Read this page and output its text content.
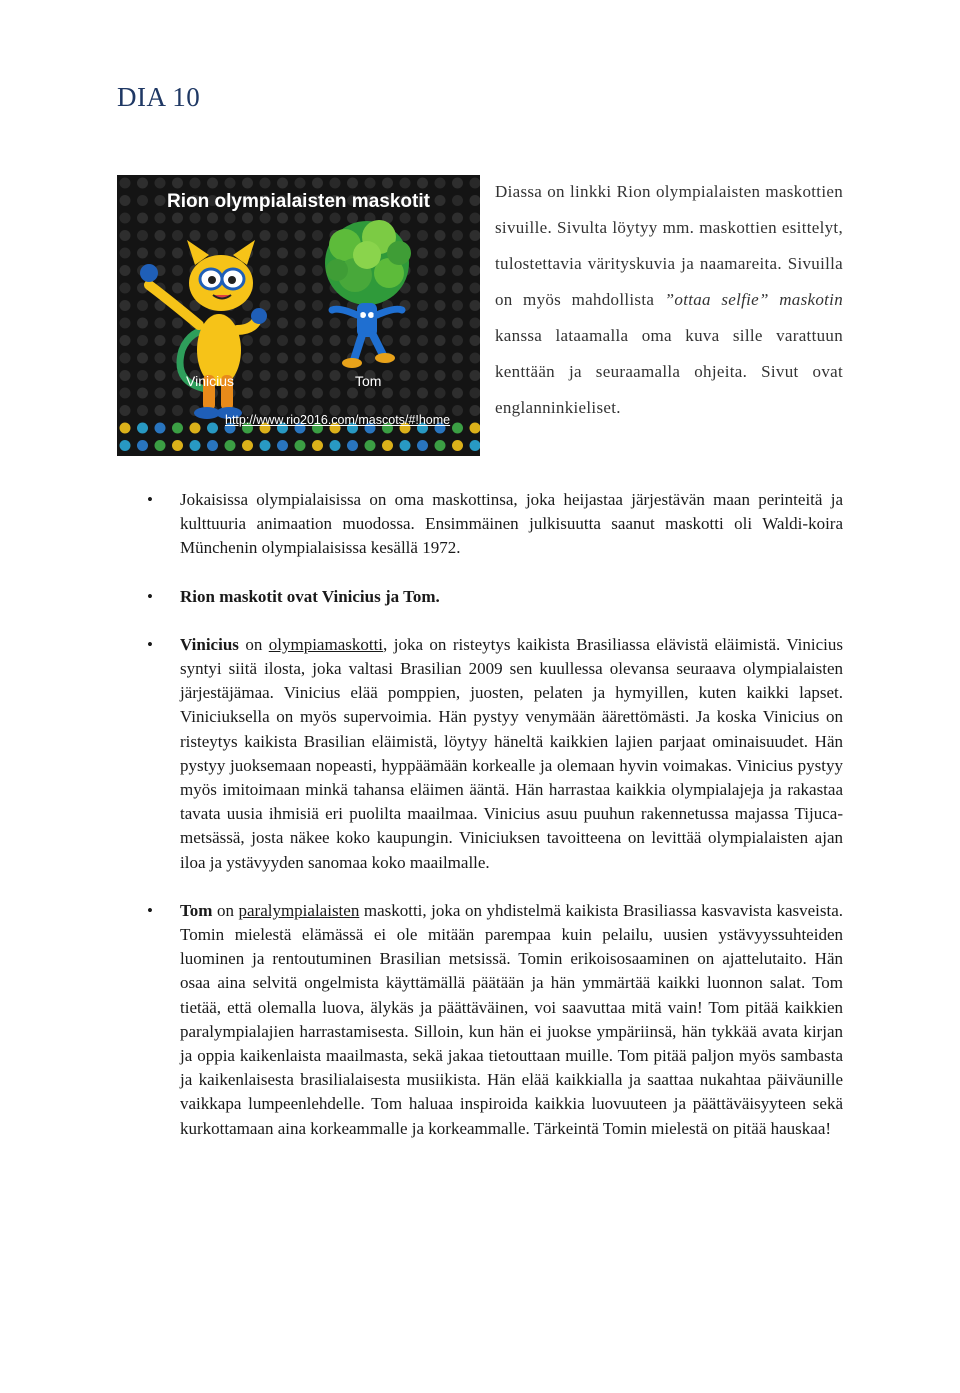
DIA 10
Rion olympialaisten maskotit
Vinicius	Tom
http://www.rio2016.com/mascots/#!home
Diassa on linkki Rion olympialaisten maskottien sivuille. Sivulta löytyy mm. maskottien esittelyt, tulostettavia värityskuvia ja naamareita. Sivuilla on myös mahdollista ”ottaa selfie” maskotin kanssa lataamalla oma kuva sille varattuun kenttään ja seuraamalla ohjeita. Sivut ovat englanninkieliset.
• Jokaisissa olympialaisissa on oma maskottinsa, joka heijastaa järjestävän maan perinteitä ja kulttuuria animaation muodossa. Ensimmäinen julkisuutta saanut maskotti oli Waldi-koira Münchenin olympialaisissa kesällä 1972.
• Rion maskotit ovat Vinicius ja Tom.
• Vinicius on olympiamaskotti, joka on risteytys kaikista Brasiliassa elävistä eläimistä. Vinicius syntyi siitä ilosta, joka valtasi Brasilian 2009 sen kuullessa olevansa seuraava olympialaisten järjestäjämaa. Vinicius elää pomppien, juosten, pelaten ja hymyillen, kuten kaikki lapset. Viniciuksella on myös supervoimia. Hän pystyy venymään äärettömästi. Ja koska Vinicius on risteytys kaikista Brasilian eläimistä, löytyy häneltä kaikkien lajien parjaat ominaisuudet. Hän pystyy juoksemaan nopeasti, hyppäämään korkealle ja olemaan hyvin voimakas. Vinicius pystyy myös imitoimaan minkä tahansa eläimen ääntä. Hän harrastaa kaikkia olympialajeja ja rakastaa tavata uusia ihmisiä eri puolilta maailmaa. Vinicius asuu puuhun rakennetussa majassa Tijuca-metsässä, josta näkee koko kaupungin. Viniciuksen tavoitteena on levittää olympialaisten ajan iloa ja ystävyyden sanomaa koko maailmalle.
• Tom on paralympialaisten maskotti, joka on yhdistelmä kaikista Brasiliassa kasvavista kasveista. Tomin mielestä elämässä ei ole mitään parempaa kuin pelailu, uusien ystävyyssuhteiden luominen ja rentoutuminen Brasilian metsissä. Tomin erikoisosaaminen on ajattelutaito. Hän osaa aina selvitä ongelmista käyttämällä päätään ja hän ymmärtää kaikki luonnon salat. Tom tietää, että olemalla luova, älykäs ja päättäväinen, voi saavuttaa mitä vain! Tom pitää kaikkien paralympialajien harrastamisesta. Silloin, kun hän ei juokse ympäriinsä, hän tykkää avata kirjan ja oppia kaikenlaista maailmasta, sekä jakaa tietouttaan muille. Tom pitää paljon myös sambasta ja kaikenlaisesta brasilialaisesta musiikista. Hän elää kaikkialla ja saattaa nukahtaa päiväunille vaikkapa lumpeenlehdelle. Tom haluaa inspiroida kaikkia luovuuteen ja päättäväisyyteen sekä kurkottamaan aina korkeammalle ja korkeammalle. Tärkeintä Tomin mielestä on pitää hauskaa!
